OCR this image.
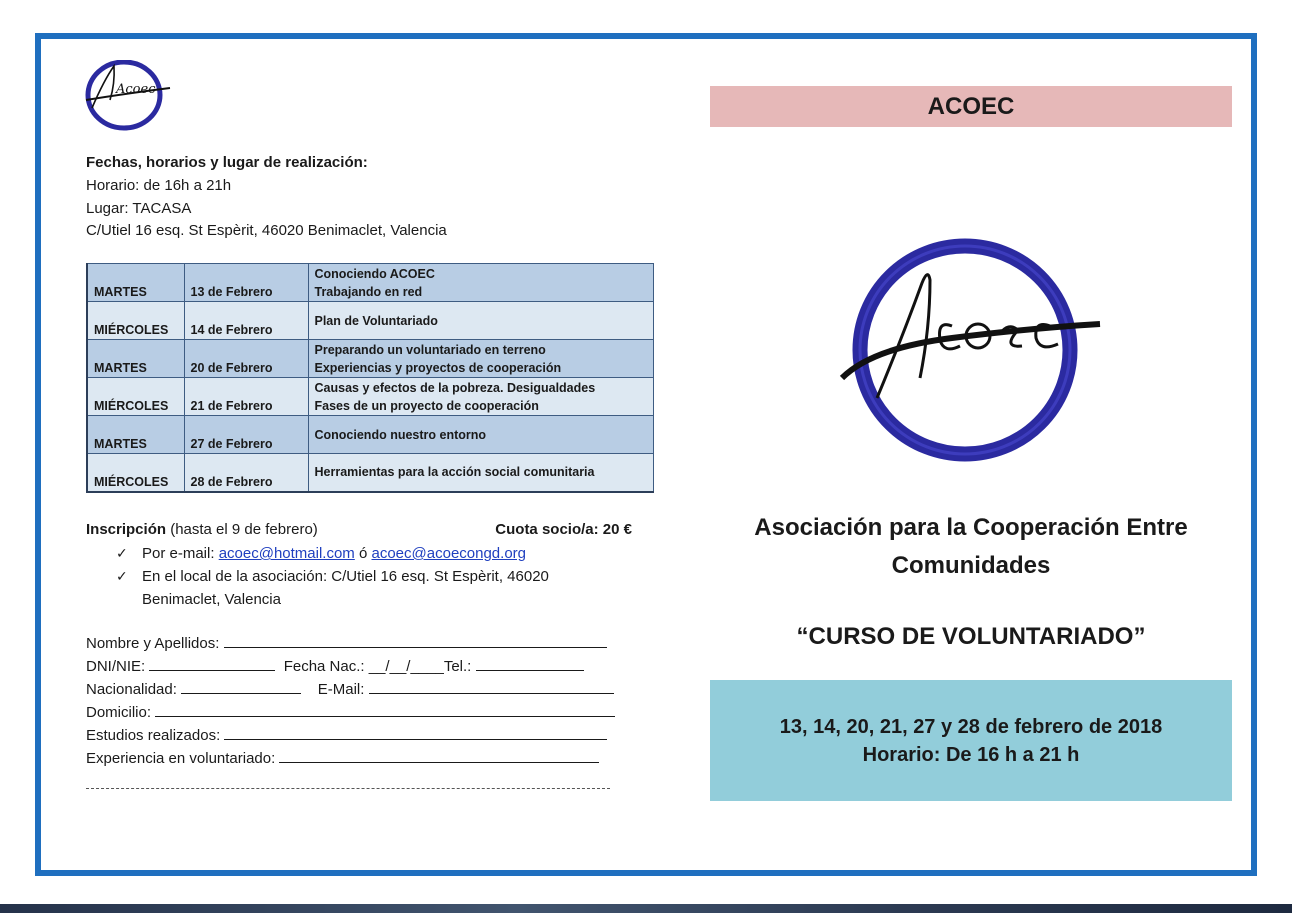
Acoec
Fechas, horarios y lugar de realización:
Horario: de 16h a 21h
Lugar: TACASA
C/Utiel 16 esq. St Espèrit, 46020 Benimaclet, Valencia
MARTES	13 de Febrero	Conociendo ACOEC
Trabajando en red

MIÉRCOLES	14 de Febrero	Plan de Voluntariado

MARTES	20 de Febrero	Preparando un voluntariado en terreno
Experiencias y proyectos de cooperación

MIÉRCOLES	21 de Febrero	Causas y efectos de la pobreza. Desigualdades
Fases de un proyecto de cooperación

MARTES	27 de Febrero	Conociendo nuestro entorno

MIÉRCOLES	28 de Febrero	Herramientas para la acción social comunitaria
Inscripción (hasta el 9 de febrero)	Cuota socio/a: 20 €
✓ Por e-mail: acoec@hotmail.com ó acoec@acoecongd.org
✓ En el local de la asociación: C/Utiel 16 esq. St Espèrit, 46020
Benimaclet, Valencia
Nombre y Apellidos:
DNI/NIE:	Fecha Nac.: __/__/____Tel.:
Nacionalidad:	E-Mail:
Domicilio:
Estudios realizados:
Experiencia en voluntariado:
ACOEC
Asociación para la Cooperación Entre
Comunidades
“CURSO DE VOLUNTARIADO”
13, 14, 20, 21, 27 y 28 de febrero de 2018
Horario: De 16 h a 21 h
